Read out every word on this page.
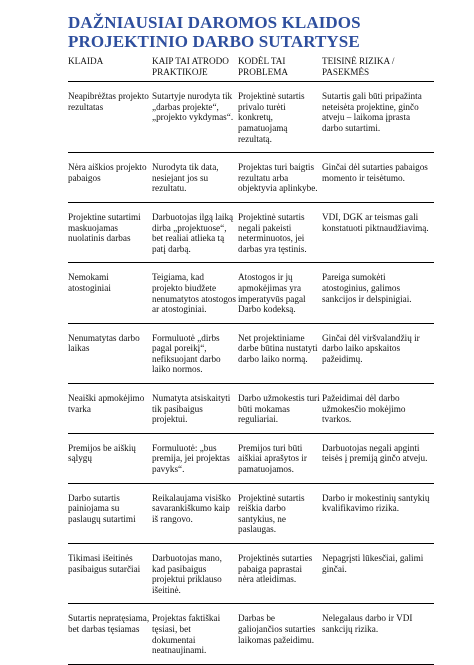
DAŽNIAUSIAI DAROMOS KLAIDOS
PROJEKTINIO DARBO SUTARTYSE
KLAIDA	KAIP TAI ATRODO PRAKTIKOJE	KODĖL TAI PROBLEMA	TEISINĖ RIZIKA / PASEKMĖS
Neapibrėžtas projekto rezultatas	Sutartyje nurodyta tik „darbas projekte“, „projekto vykdymas“.	Projektinė sutartis privalo turėti konkretų, pamatuojamą rezultatą.	Sutartis gali būti pripažinta neteisėta projektine, ginčo atveju – laikoma įprasta darbo sutartimi.
Nėra aiškios projekto pabaigos	Nurodyta tik data, nesiejant jos su rezultatu.	Projektas turi baigtis rezultatu arba objektyvia aplinkybe.	Ginčai dėl sutarties pabaigos momento ir teisėtumo.
Projektine sutartimi maskuojamas nuolatinis darbas	Darbuotojas ilgą laiką dirba „projektuose“, bet realiai atlieka tą patį darbą.	Projektinė sutartis negali pakeisti neterminuotos, jei darbas yra tęstinis.	VDI, DGK ar teismas gali konstatuoti piktnaudžiavimą.
Nemokami atostoginiai	Teigiama, kad projekto biudžete nenumatytos atostogos ar atostoginiai.	Atostogos ir jų apmokėjimas yra imperatyvūs pagal Darbo kodeksą.	Pareiga sumokėti atostoginius, galimos sankcijos ir delspinigiai.
Nenumatytas darbo laikas	Formuluotė „dirbs pagal poreikį“, nefiksuojant darbo laiko normos.	Net projektiniame darbe būtina nustatyti darbo laiko normą.	Ginčai dėl viršvalandžių ir darbo laiko apskaitos pažeidimų.
Neaiški apmokėjimo tvarka	Numatyta atsiskaityti tik pasibaigus projektui.	Darbo užmokestis turi būti mokamas reguliariai.	Pažeidimai dėl darbo užmokesčio mokėjimo tvarkos.
Premijos be aiškių sąlygų	Formuluotė: „bus premija, jei projektas pavyks“.	Premijos turi būti aiškiai aprašytos ir pamatuojamos.	Darbuotojas negali apginti teisės į premiją ginčo atveju.
Darbo sutartis painiojama su paslaugų sutartimi	Reikalaujama visiško savarankiškumo kaip iš rangovo.	Projektinė sutartis reiškia darbo santykius, ne paslaugas.	Darbo ir mokestinių santykių kvalifikavimo rizika.
Tikimasi išeitinės pasibaigus sutarčiai	Darbuotojas mano, kad pasibaigus projektui priklauso išeitinė.	Projektinės sutarties pabaiga paprastai nėra atleidimas.	Nepagrįsti lūkesčiai, galimi ginčai.
Sutartis nepratęsiama, bet darbas tęsiamas	Projektas faktiškai tęsiasi, bet dokumentai neatnaujinami.	Darbas be galiojančios sutarties laikomas pažeidimu.	Nelegalaus darbo ir VDI sankcijų rizika.
